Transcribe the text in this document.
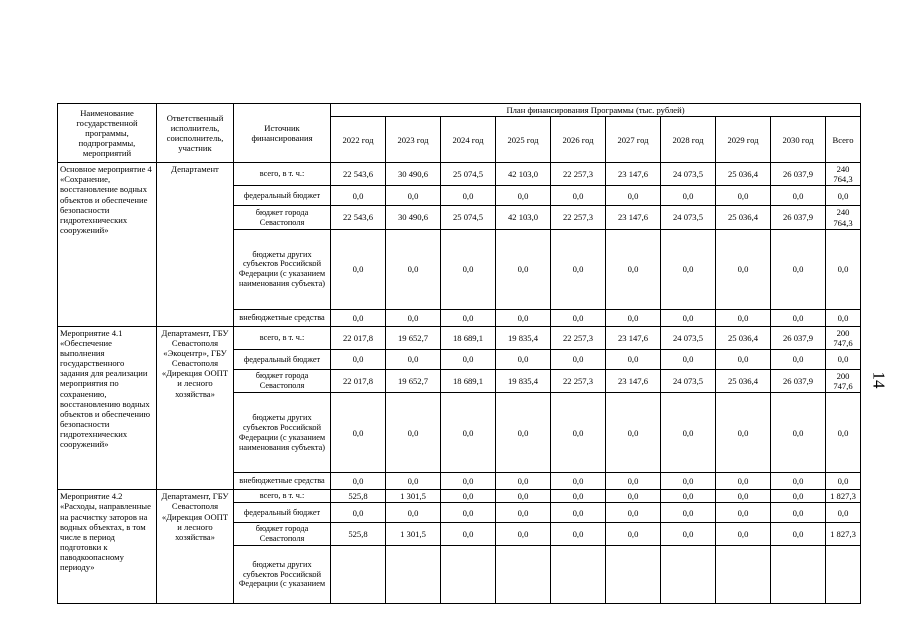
Наименование государственной программы, подпрограммы, мероприятий	Ответственный исполнитель, соисполнитель, участник	Источник финансирования	План финансирования Программы (тыс. рублей)									
			2022 год	2023 год	2024 год	2025 год	2026 год	2027 год	2028 год	2029 год	2030 год	Всего
Основное мероприятие 4 «Сохранение, восстановление водных объектов и обеспечение безопасности гидротехнических сооружений»	Департамент	всего, в т. ч.:	22 543,6	30 490,6	25 074,5	42 103,0	22 257,3	23 147,6	24 073,5	25 036,4	26 037,9	240 764,3
		федеральный бюджет	0,0	0,0	0,0	0,0	0,0	0,0	0,0	0,0	0,0	0,0
		бюджет города Севастополя	22 543,6	30 490,6	25 074,5	42 103,0	22 257,3	23 147,6	24 073,5	25 036,4	26 037,9	240 764,3
		бюджеты других субъектов Российской Федерации (с указанием наименования субъекта)	0,0	0,0	0,0	0,0	0,0	0,0	0,0	0,0	0,0	0,0
		внебюджетные средства	0,0	0,0	0,0	0,0	0,0	0,0	0,0	0,0	0,0	0,0
Мероприятие 4.1 «Обеспечение выполнения государственного задания для реализации мероприятия по сохранению, восстановлению водных объектов и обеспечению безопасности гидротехнических сооружений»	Департамент, ГБУ Севастополя «Экоцентр», ГБУ Севастополя «Дирекция ООПТ и лесного хозяйства»	всего, в т. ч.:	22 017,8	19 652,7	18 689,1	19 835,4	22 257,3	23 147,6	24 073,5	25 036,4	26 037,9	200 747,6
		федеральный бюджет	0,0	0,0	0,0	0,0	0,0	0,0	0,0	0,0	0,0	0,0
		бюджет города Севастополя	22 017,8	19 652,7	18 689,1	19 835,4	22 257,3	23 147,6	24 073,5	25 036,4	26 037,9	200 747,6
		бюджеты других субъектов Российской Федерации (с указанием наименования субъекта)	0,0	0,0	0,0	0,0	0,0	0,0	0,0	0,0	0,0	0,0
		внебюджетные средства	0,0	0,0	0,0	0,0	0,0	0,0	0,0	0,0	0,0	0,0
Мероприятие 4.2 «Расходы, направленные на расчистку заторов на водных объектах, в том числе в период подготовки к паводкоопасному периоду»	Департамент, ГБУ Севастополя «Дирекция ООПТ и лесного хозяйства»	всего, в т. ч.:	525,8	1 301,5	0,0	0,0	0,0	0,0	0,0	0,0	0,0	1 827,3
		федеральный бюджет	0,0	0,0	0,0	0,0	0,0	0,0	0,0	0,0	0,0	0,0
		бюджет города Севастополя	525,8	1 301,5	0,0	0,0	0,0	0,0	0,0	0,0	0,0	1 827,3
		бюджеты других субъектов Российской Федерации (с указанием										
14
